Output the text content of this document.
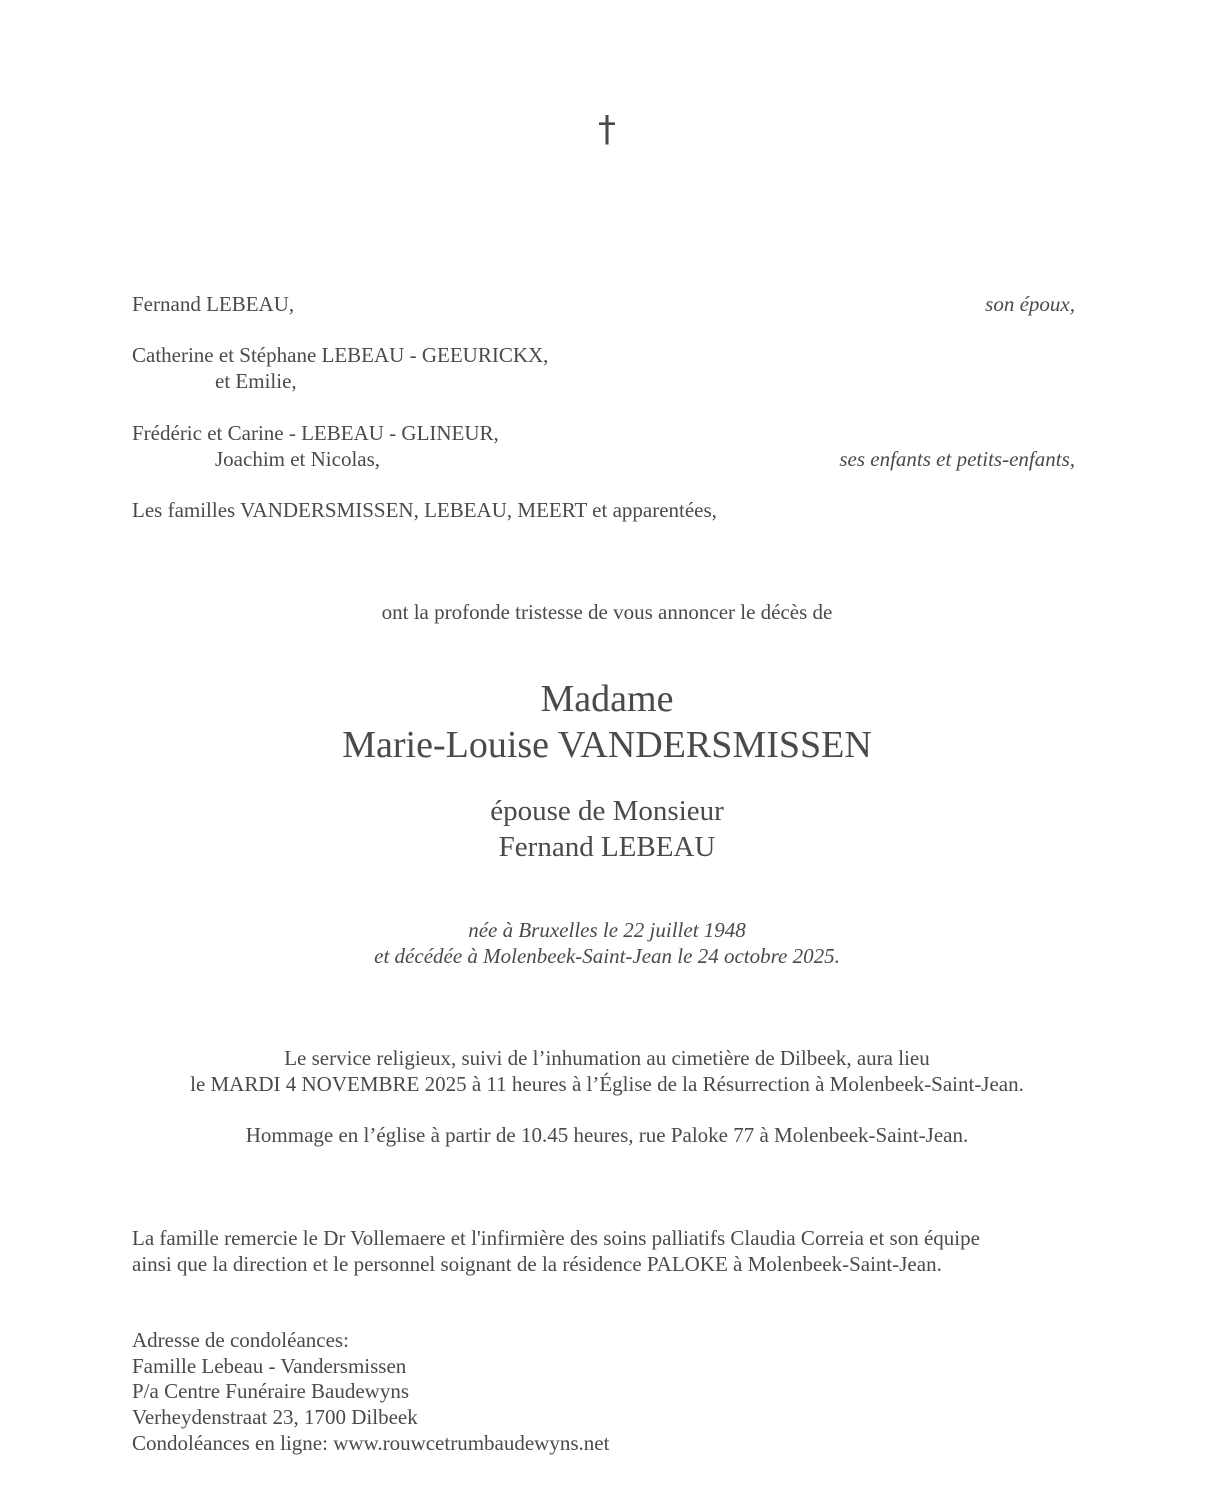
†
Fernand LEBEAU,	son époux,
Catherine et Stéphane LEBEAU - GEEURICKX,
et Emilie,
Frédéric et Carine - LEBEAU - GLINEUR,
Joachim et Nicolas,	ses enfants et petits-enfants,
Les familles VANDERSMISSEN, LEBEAU, MEERT et apparentées,
ont la profonde tristesse de vous annoncer le décès de
Madame
Marie-Louise VANDERSMISSEN
épouse de Monsieur
Fernand LEBEAU
née à Bruxelles le 22 juillet 1948
et décédée à Molenbeek-Saint-Jean le 24 octobre 2025.
Le service religieux, suivi de l’inhumation au cimetière de Dilbeek, aura lieu
le MARDI 4 NOVEMBRE 2025 à 11 heures à l’Église de la Résurrection à Molenbeek-Saint-Jean.
Hommage en l’église à partir de 10.45 heures, rue Paloke 77 à Molenbeek-Saint-Jean.
La famille remercie le Dr Vollemaere et l'infirmière des soins palliatifs Claudia Correia et son équipe
ainsi que la direction et le personnel soignant de la résidence PALOKE à Molenbeek-Saint-Jean.
Adresse de condoléances:
Famille Lebeau - Vandersmissen
P/a Centre Funéraire Baudewyns
Verheydenstraat 23, 1700 Dilbeek
Condoléances en ligne: www.rouwcetrumbaudewyns.net
